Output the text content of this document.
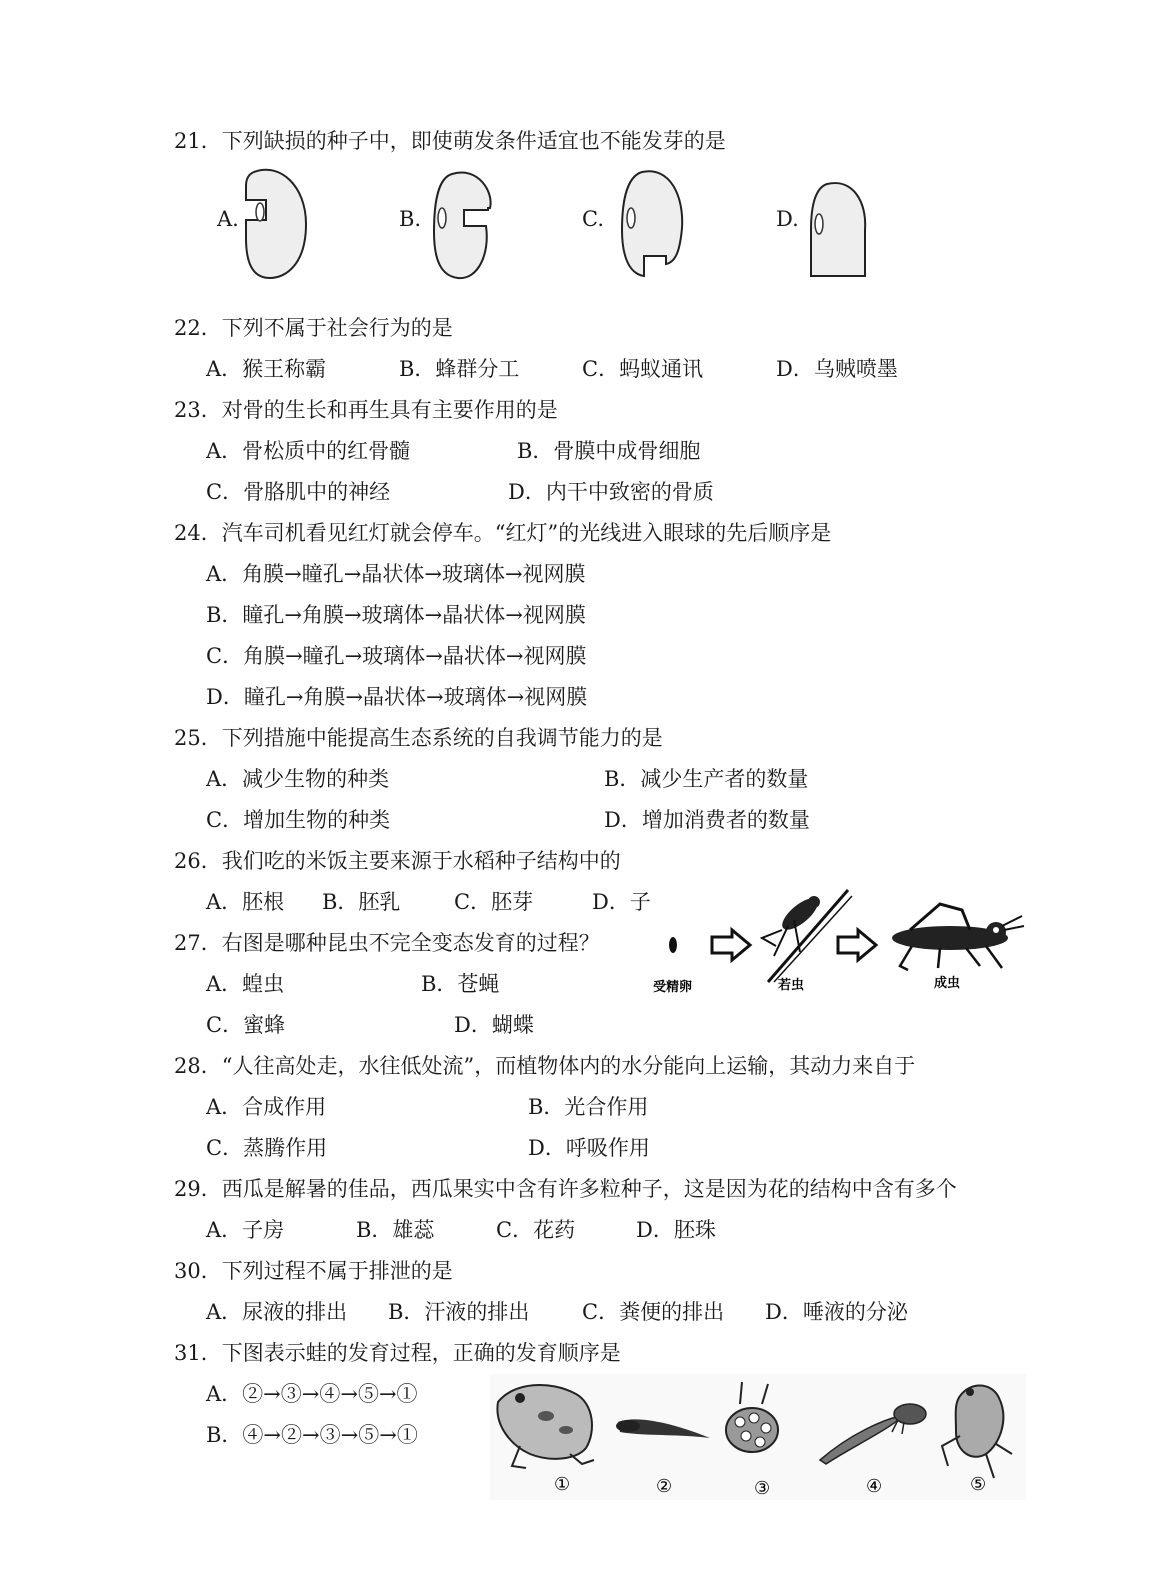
21．下列缺损的种子中，即使萌发条件适宜也不能发芽的是
A.	B.	C.	D.
22．下列不属于社会行为的是
A．猴王称霸	B．蜂群分工	C．蚂蚁通讯	D．乌贼喷墨
23．对骨的生长和再生具有主要作用的是
A．骨松质中的红骨髓	B．骨膜中成骨细胞
C．骨胳肌中的神经	D．内干中致密的骨质
24．汽车司机看见红灯就会停车。“红灯”的光线进入眼球的先后顺序是
A．角膜→瞳孔→晶状体→玻璃体→视网膜
B．瞳孔→角膜→玻璃体→晶状体→视网膜
C．角膜→瞳孔→玻璃体→晶状体→视网膜
D．瞳孔→角膜→晶状体→玻璃体→视网膜
25．下列措施中能提高生态系统的自我调节能力的是
A．减少生物的种类	B．减少生产者的数量
C．增加生物的种类	D．增加消费者的数量
26．我们吃的米饭主要来源于水稻种子结构中的
A．胚根 B．胚乳	C．胚芽	D．子
27．右图是哪种昆虫不完全变态发育的过程？
A．蝗虫	B．苍蝇
C．蜜蜂	D．蝴蝶
受精卵	若虫	成虫
28．“人往高处走，水往低处流”，而植物体内的水分能向上运输，其动力来自于
A．合成作用	B．光合作用
C．蒸腾作用	D．呼吸作用
29．西瓜是解暑的佳品，西瓜果实中含有许多粒种子，这是因为花的结构中含有多个
A．子房	B．雄蕊	C．花药	D．胚珠
30．下列过程不属于排泄的是
A．尿液的排出 B．汗液的排出	C．粪便的排出 D．唾液的分泌
31．下图表示蛙的发育过程，正确的发育顺序是
A．②→③→④→⑤→①
B．④→②→③→⑤→①
①	②	③	④	⑤
